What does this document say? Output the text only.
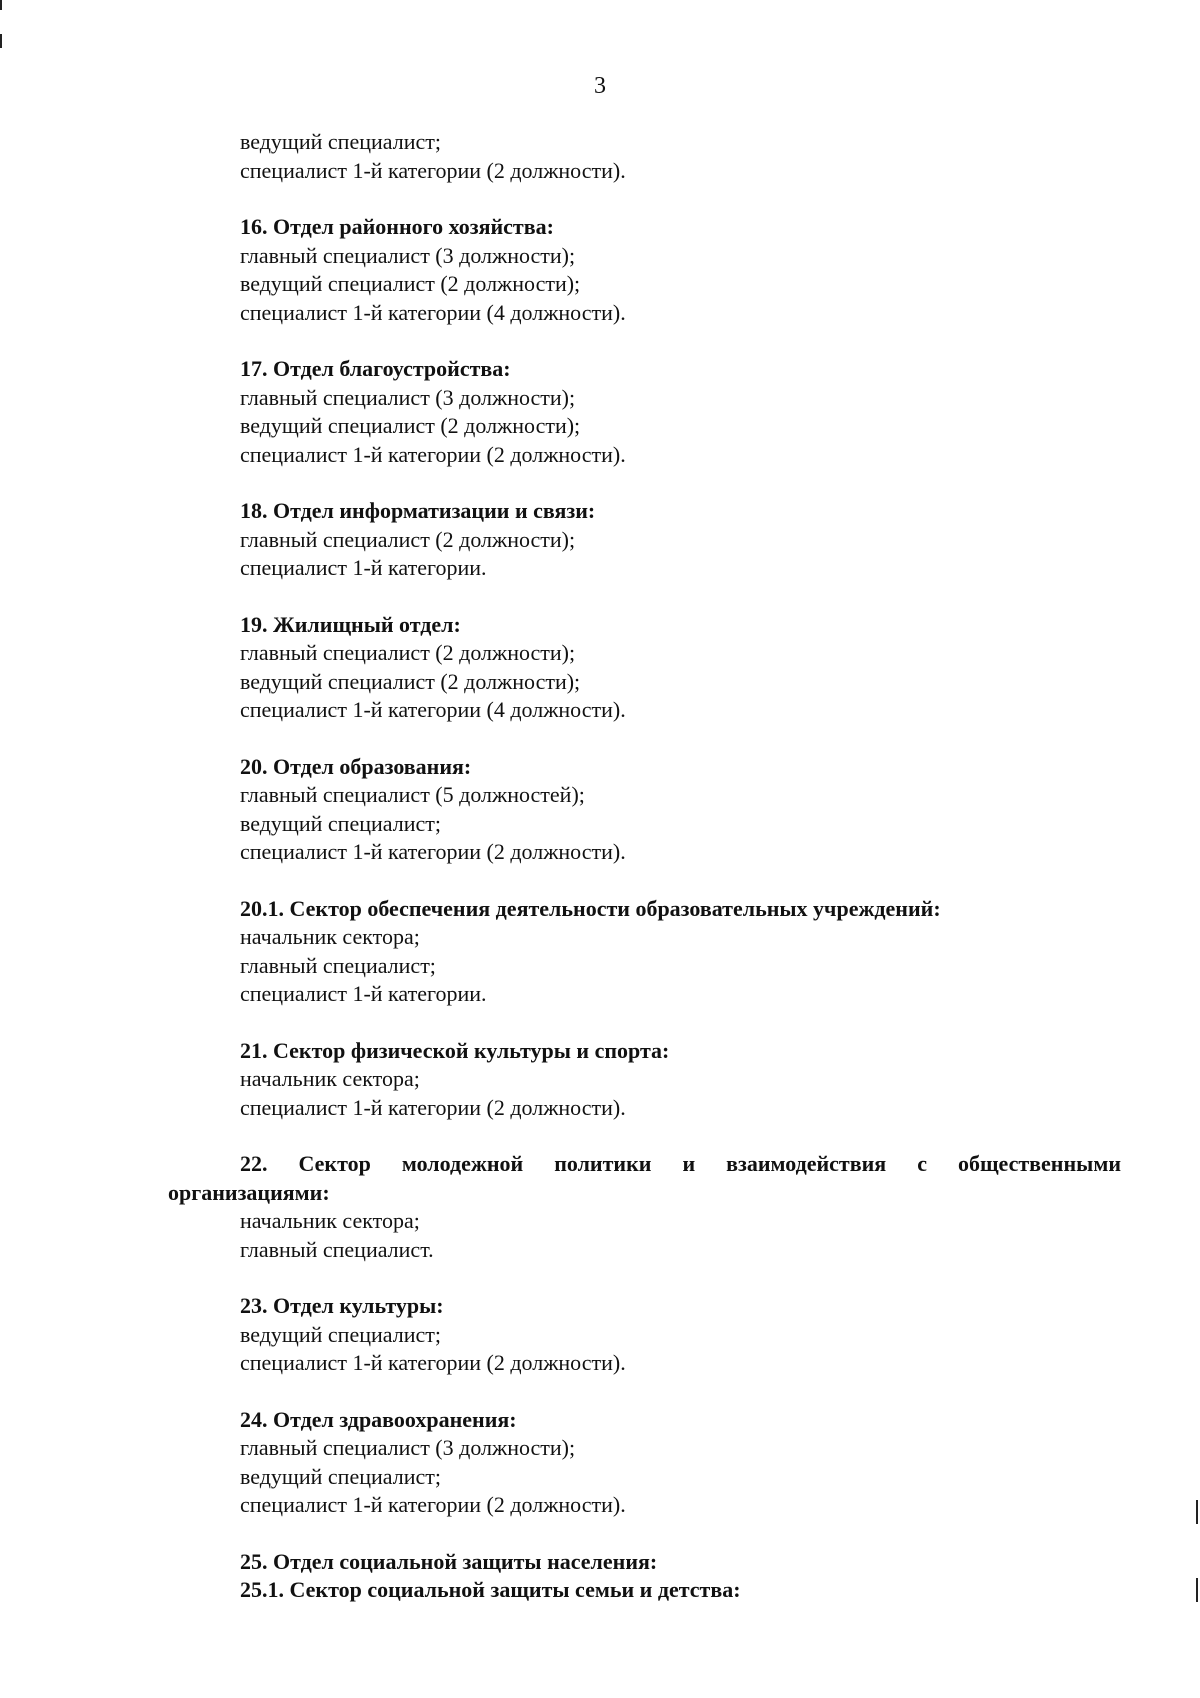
3
ведущий специалист;
специалист 1-й категории (2 должности).
16. Отдел районного хозяйства:
главный специалист (3 должности);
ведущий специалист (2 должности);
специалист 1-й категории (4 должности).
17. Отдел благоустройства:
главный специалист (3 должности);
ведущий специалист (2 должности);
специалист 1-й категории (2 должности).
18. Отдел информатизации и связи:
главный специалист (2 должности);
специалист 1-й категории.
19. Жилищный отдел:
главный специалист (2 должности);
ведущий специалист (2 должности);
специалист 1-й категории (4 должности).
20. Отдел образования:
главный специалист (5 должностей);
ведущий специалист;
специалист 1-й категории (2 должности).
20.1. Сектор обеспечения деятельности образовательных учреждений:
начальник сектора;
главный специалист;
специалист 1-й категории.
21. Сектор физической культуры и спорта:
начальник сектора;
специалист 1-й категории (2 должности).
22. Сектор молодежной политики и взаимодействия с общественными
организациями:
начальник сектора;
главный специалист.
23. Отдел культуры:
ведущий специалист;
специалист 1-й категории (2 должности).
24. Отдел здравоохранения:
главный специалист (3 должности);
ведущий специалист;
специалист 1-й категории (2 должности).
25. Отдел социальной защиты населения:
25.1. Сектор социальной защиты семьи и детства:
